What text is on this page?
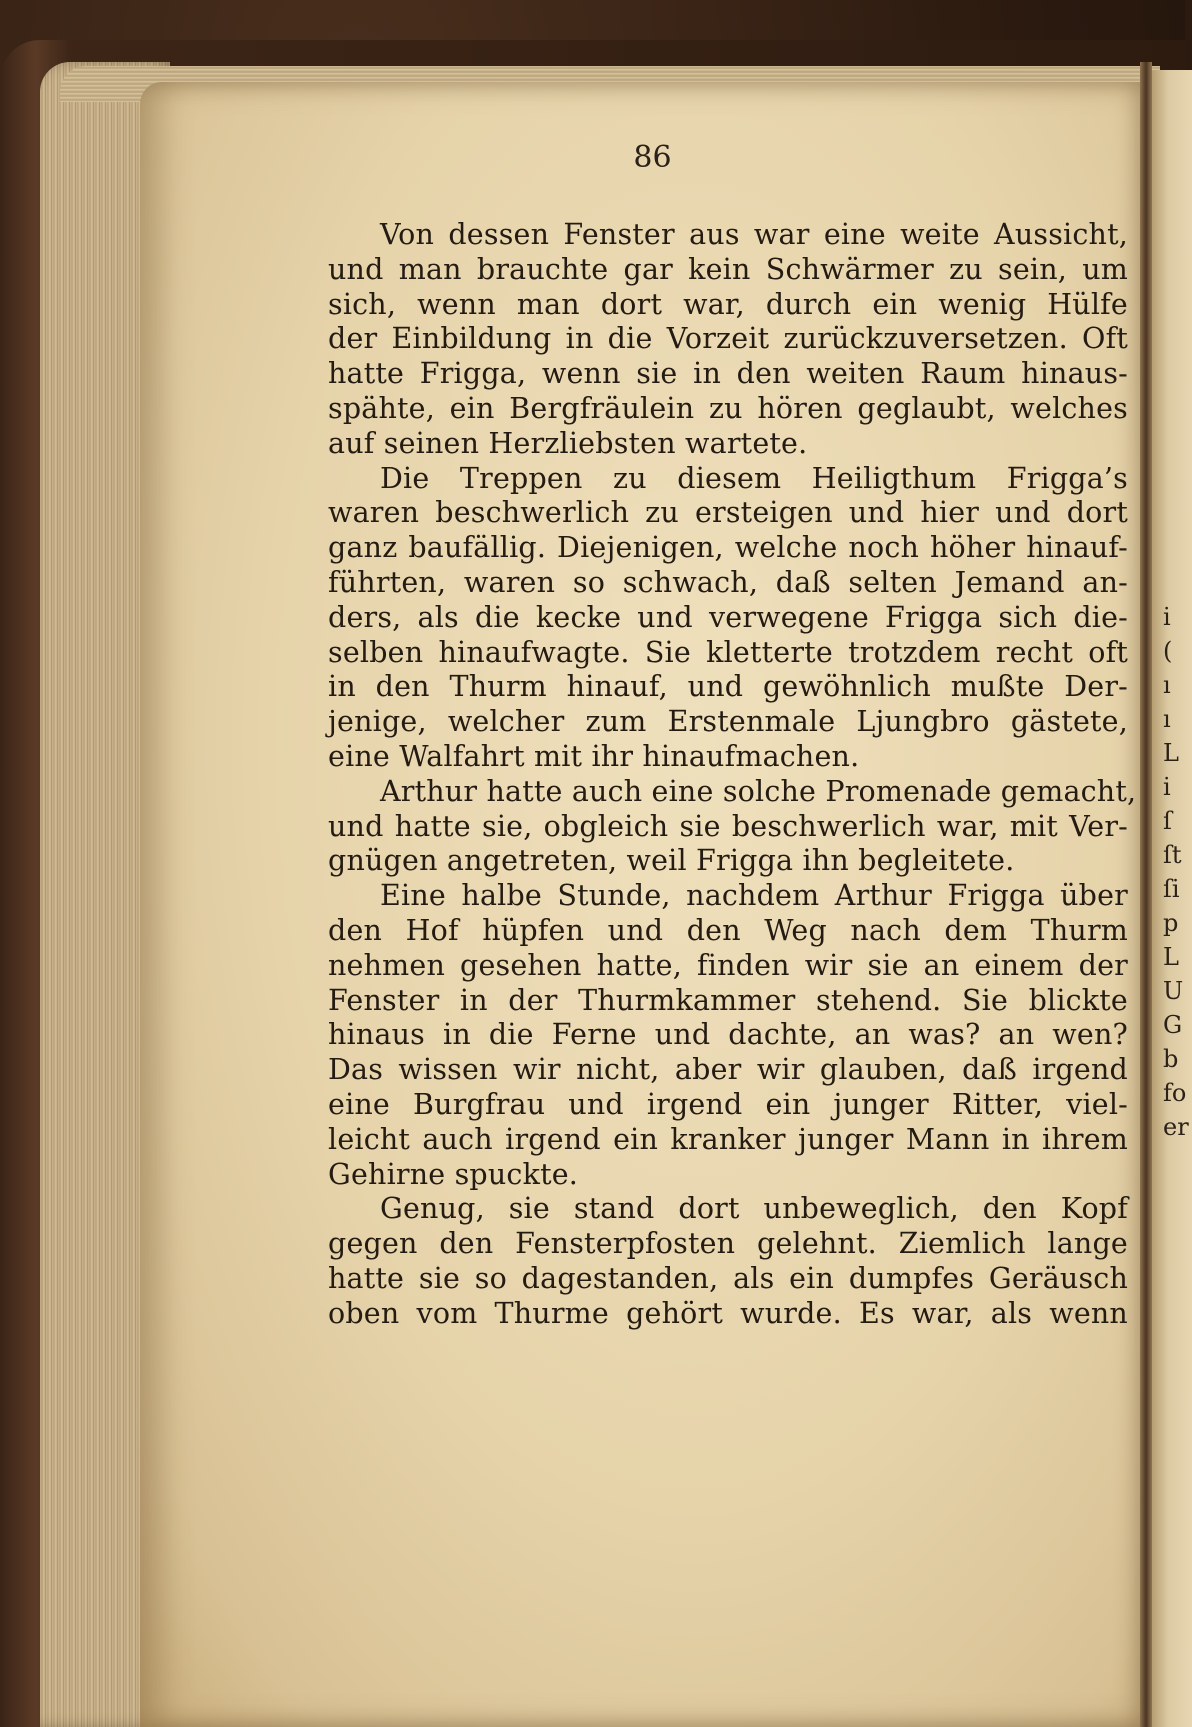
86
Von dessen Fenster aus war eine weite Aussicht,
und man brauchte gar kein Schwärmer zu sein, um
sich, wenn man dort war, durch ein wenig Hülfe
der Einbildung in die Vorzeit zurückzuversetzen. Oft
hatte Frigga, wenn sie in den weiten Raum hinaus-
spähte, ein Bergfräulein zu hören geglaubt, welches
auf seinen Herzliebsten wartete.
Die Treppen zu diesem Heiligthum Frigga’s
waren beschwerlich zu ersteigen und hier und dort
ganz baufällig. Diejenigen, welche noch höher hinauf-
führten, waren so schwach, daß selten Jemand an-
ders, als die kecke und verwegene Frigga sich die-
selben hinaufwagte. Sie kletterte trotzdem recht oft
in den Thurm hinauf, und gewöhnlich mußte Der-
jenige, welcher zum Erstenmale Ljungbro gästete,
eine Walfahrt mit ihr hinaufmachen.
Arthur hatte auch eine solche Promenade gemacht,
und hatte sie, obgleich sie beschwerlich war, mit Ver-
gnügen angetreten, weil Frigga ihn begleitete.
Eine halbe Stunde, nachdem Arthur Frigga über
den Hof hüpfen und den Weg nach dem Thurm
nehmen gesehen hatte, finden wir sie an einem der
Fenster in der Thurmkammer stehend. Sie blickte
hinaus in die Ferne und dachte, an was? an wen?
Das wissen wir nicht, aber wir glauben, daß irgend
eine Burgfrau und irgend ein junger Ritter, viel-
leicht auch irgend ein kranker junger Mann in ihrem
Gehirne spuckte.
Genug, sie stand dort unbeweglich, den Kopf
gegen den Fensterpfosten gelehnt. Ziemlich lange
hatte sie so dagestanden, als ein dumpfes Geräusch
oben vom Thurme gehört wurde. Es war, als wenn
i
(
ı
ı
L
i
ſ
ſt
ſi
p
L
U
G
b
fo
er
